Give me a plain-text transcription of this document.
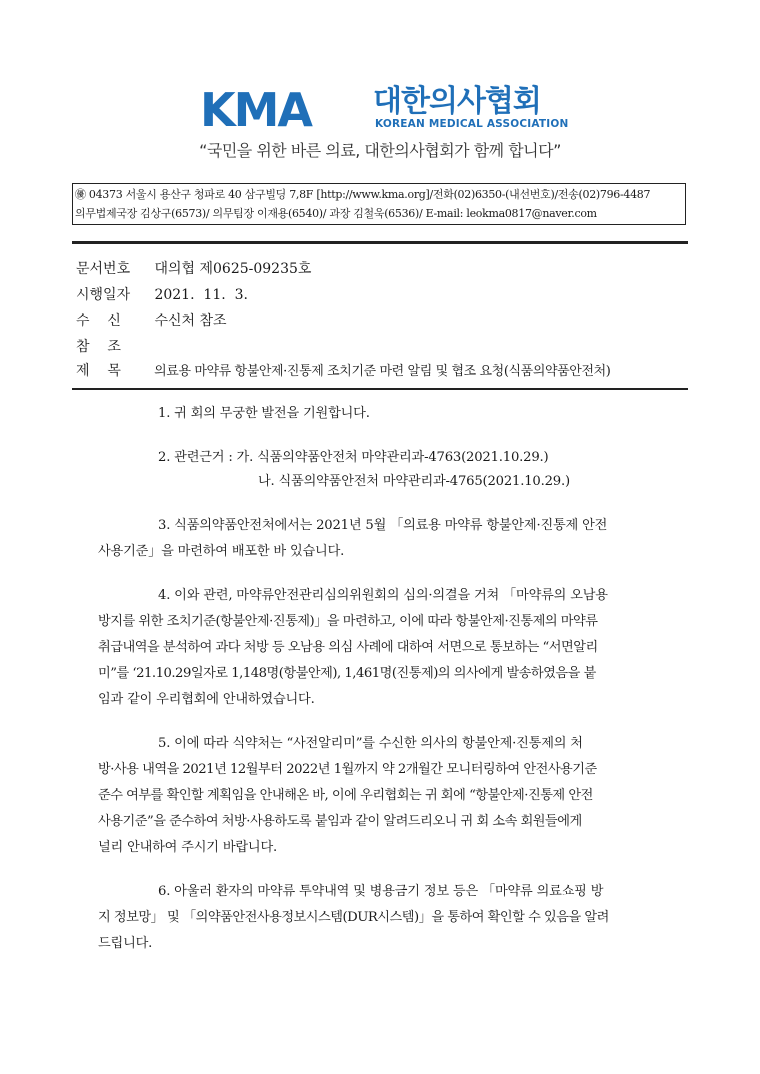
KMA 대한의사협회
KOREAN MEDICAL ASSOCIATION
“국민을 위한 바른 의료, 대한의사협회가 함께 합니다”
㊝ 04373 서울시 용산구 청파로 40 삼구빌딩 7,8F [http://www.kma.org]/전화(02)6350-(내선번호)/전송(02)796-4487
의무법제국장 김상구(6573)/ 의무팀장 이재용(6540)/ 과장 김철욱(6536)/ E-mail: leokma0817@naver.com
문서번호 대의협 제0625-09235호
시행일자 2021.  11.  3.
수    신 수신처 참조
참    조
제    목	의료용 마약류 항불안제·진통제 조치기준 마련 알림 및 협조 요청(식품의약품안전처)
1. 귀 회의 무궁한 발전을 기원합니다.
2. 관련근거 : 가. 식품의약품안전처 마약관리과-4763(2021.10.29.)
나. 식품의약품안전처 마약관리과-4765(2021.10.29.)
3. 식품의약품안전처에서는 2021년 5월 「의료용 마약류 항불안제·진통제 안전
사용기준」을 마련하여 배포한 바 있습니다.
4. 이와 관련, 마약류안전관리심의위원회의 심의·의결을 거쳐 「마약류의 오남용
방지를 위한 조치기준(항불안제·진통제)」을 마련하고, 이에 따라 항불안제·진통제의 마약류
취급내역을 분석하여 과다 처방 등 오남용 의심 사례에 대하여 서면으로 통보하는 “서면알리
미”를 ‘21.10.29일자로 1,148명(항불안제), 1,461명(진통제)의 의사에게 발송하였음을 붙
임과 같이 우리협회에 안내하였습니다.
5. 이에 따라 식약처는 “사전알리미”를 수신한 의사의 항불안제·진통제의 처
방·사용 내역을 2021년 12월부터 2022년 1월까지 약 2개월간 모니터링하여 안전사용기준
준수 여부를 확인할 계획임을 안내해온 바, 이에 우리협회는 귀 회에 “항불안제·진통제 안전
사용기준”을 준수하여 처방·사용하도록 붙임과 같이 알려드리오니 귀 회 소속 회원들에게
널리 안내하여 주시기 바랍니다.
6. 아울러 환자의 마약류 투약내역 및 병용금기 정보 등은 「마약류 의료쇼핑 방
지 정보망」 및 「의약품안전사용정보시스템(DUR시스템)」을 통하여 확인할 수 있음을 알려
드립니다.
